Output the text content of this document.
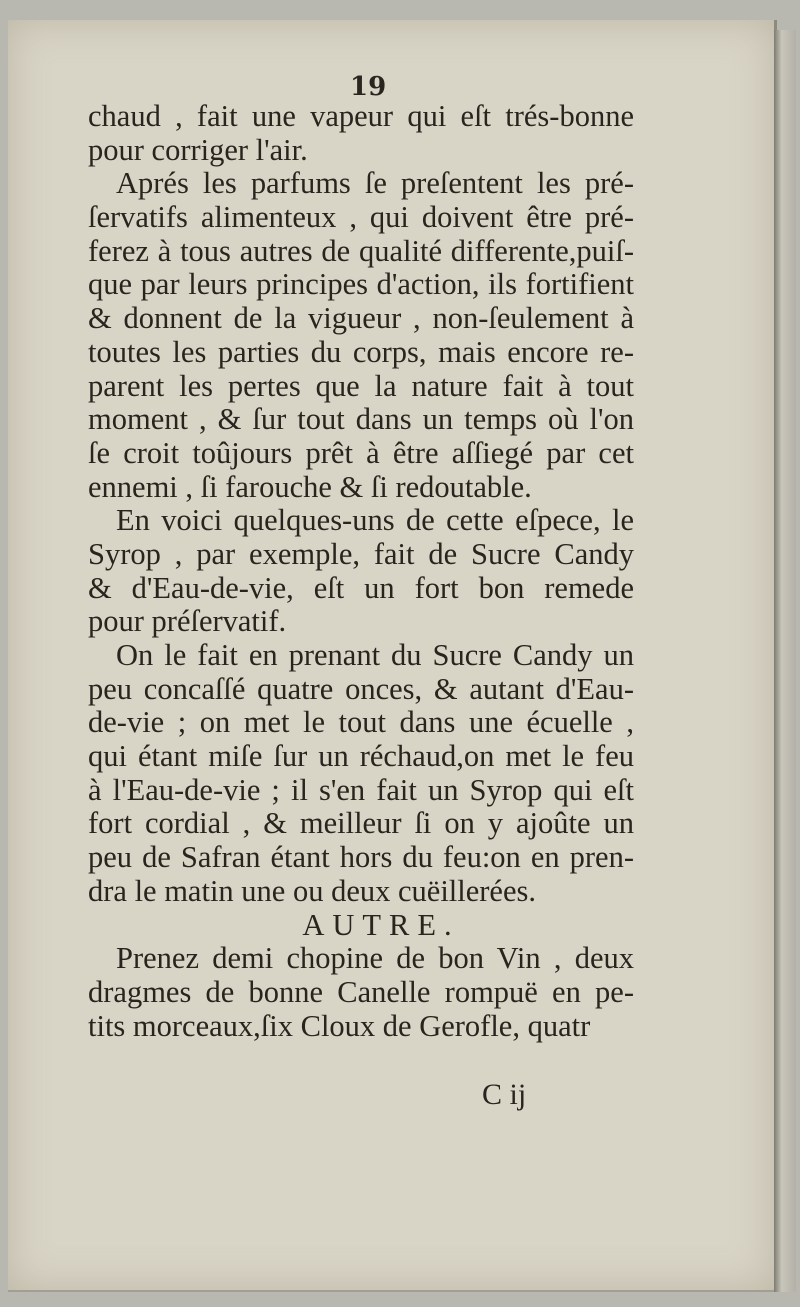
19
chaud , fait une vapeur qui eſt trés-bonne
pour corriger l'air.
Aprés les parfums ſe preſentent les pré-
ſervatifs alimenteux , qui doivent être pré-
ferez à tous autres de qualité differente,puiſ-
que par leurs principes d'action, ils fortifient
& donnent de la vigueur , non-ſeulement à
toutes les parties du corps, mais encore re-
parent les pertes que la nature fait à tout
moment , & ſur tout dans un temps où l'on
ſe croit toûjours prêt à être aſſiegé par cet
ennemi , ſi farouche & ſi redoutable.
En voici quelques-uns de cette eſpece, le
Syrop , par exemple, fait de Sucre Candy
& d'Eau-de-vie, eſt un fort bon remede
pour préſervatif.
On le fait en prenant du Sucre Candy un
peu concaſſé quatre onces, & autant d'Eau-
de-vie ; on met le tout dans une écuelle ,
qui étant miſe ſur un réchaud,on met le feu
à l'Eau-de-vie ; il s'en fait un Syrop qui eſt
fort cordial , & meilleur ſi on y ajoûte un
peu de Safran étant hors du feu:on en pren-
dra le matin une ou deux cuëillerées.
AUTRE.
Prenez demi chopine de bon Vin , deux
dragmes de bonne Canelle rompuë en pe-
tits morceaux,ſix Cloux de Gerofle, quatr
C ij
